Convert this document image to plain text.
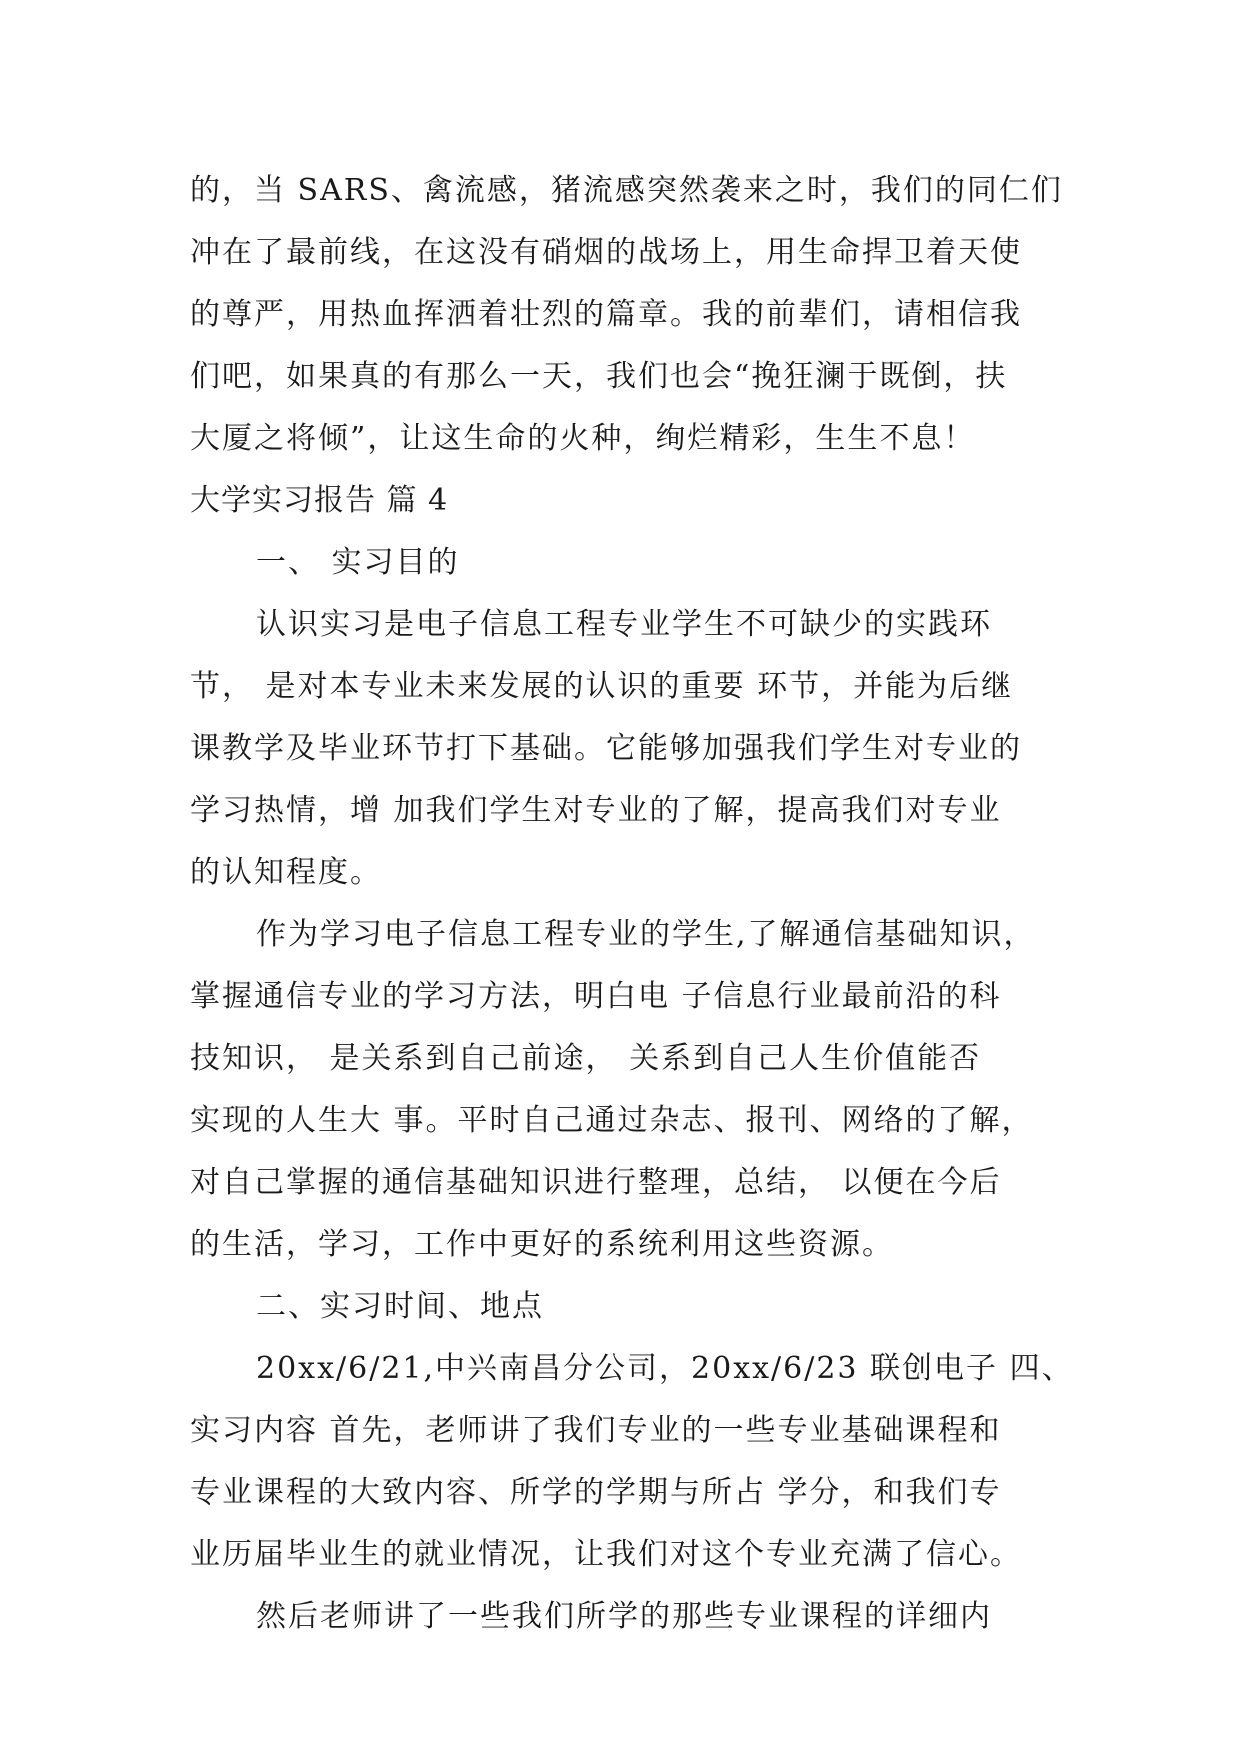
的，当 SARS、禽流感，猪流感突然袭来之时，我们的同仁们
冲在了最前线，在这没有硝烟的战场上，用生命捍卫着天使
的尊严，用热血挥洒着壮烈的篇章。我的前辈们，请相信我
们吧，如果真的有那么一天，我们也会“挽狂澜于既倒，扶
大厦之将倾”，让这生命的火种，绚烂精彩，生生不息！
大学实习报告 篇 4
一、 实习目的
认识实习是电子信息工程专业学生不可缺少的实践环
节， 是对本专业未来发展的认识的重要 环节，并能为后继
课教学及毕业环节打下基础。它能够加强我们学生对专业的
学习热情，增 加我们学生对专业的了解，提高我们对专业
的认知程度。
作为学习电子信息工程专业的学生,了解通信基础知识，
掌握通信专业的学习方法，明白电 子信息行业最前沿的科
技知识， 是关系到自己前途， 关系到自己人生价值能否
实现的人生大 事。平时自己通过杂志、报刊、网络的了解，
对自己掌握的通信基础知识进行整理，总结， 以便在今后
的生活，学习，工作中更好的系统利用这些资源。
二、实习时间、地点
20xx/6/21,中兴南昌分公司，20xx/6/23 联创电子 四、
实习内容 首先，老师讲了我们专业的一些专业基础课程和
专业课程的大致内容、所学的学期与所占 学分，和我们专
业历届毕业生的就业情况，让我们对这个专业充满了信心。
然后老师讲了一些我们所学的那些专业课程的详细内
